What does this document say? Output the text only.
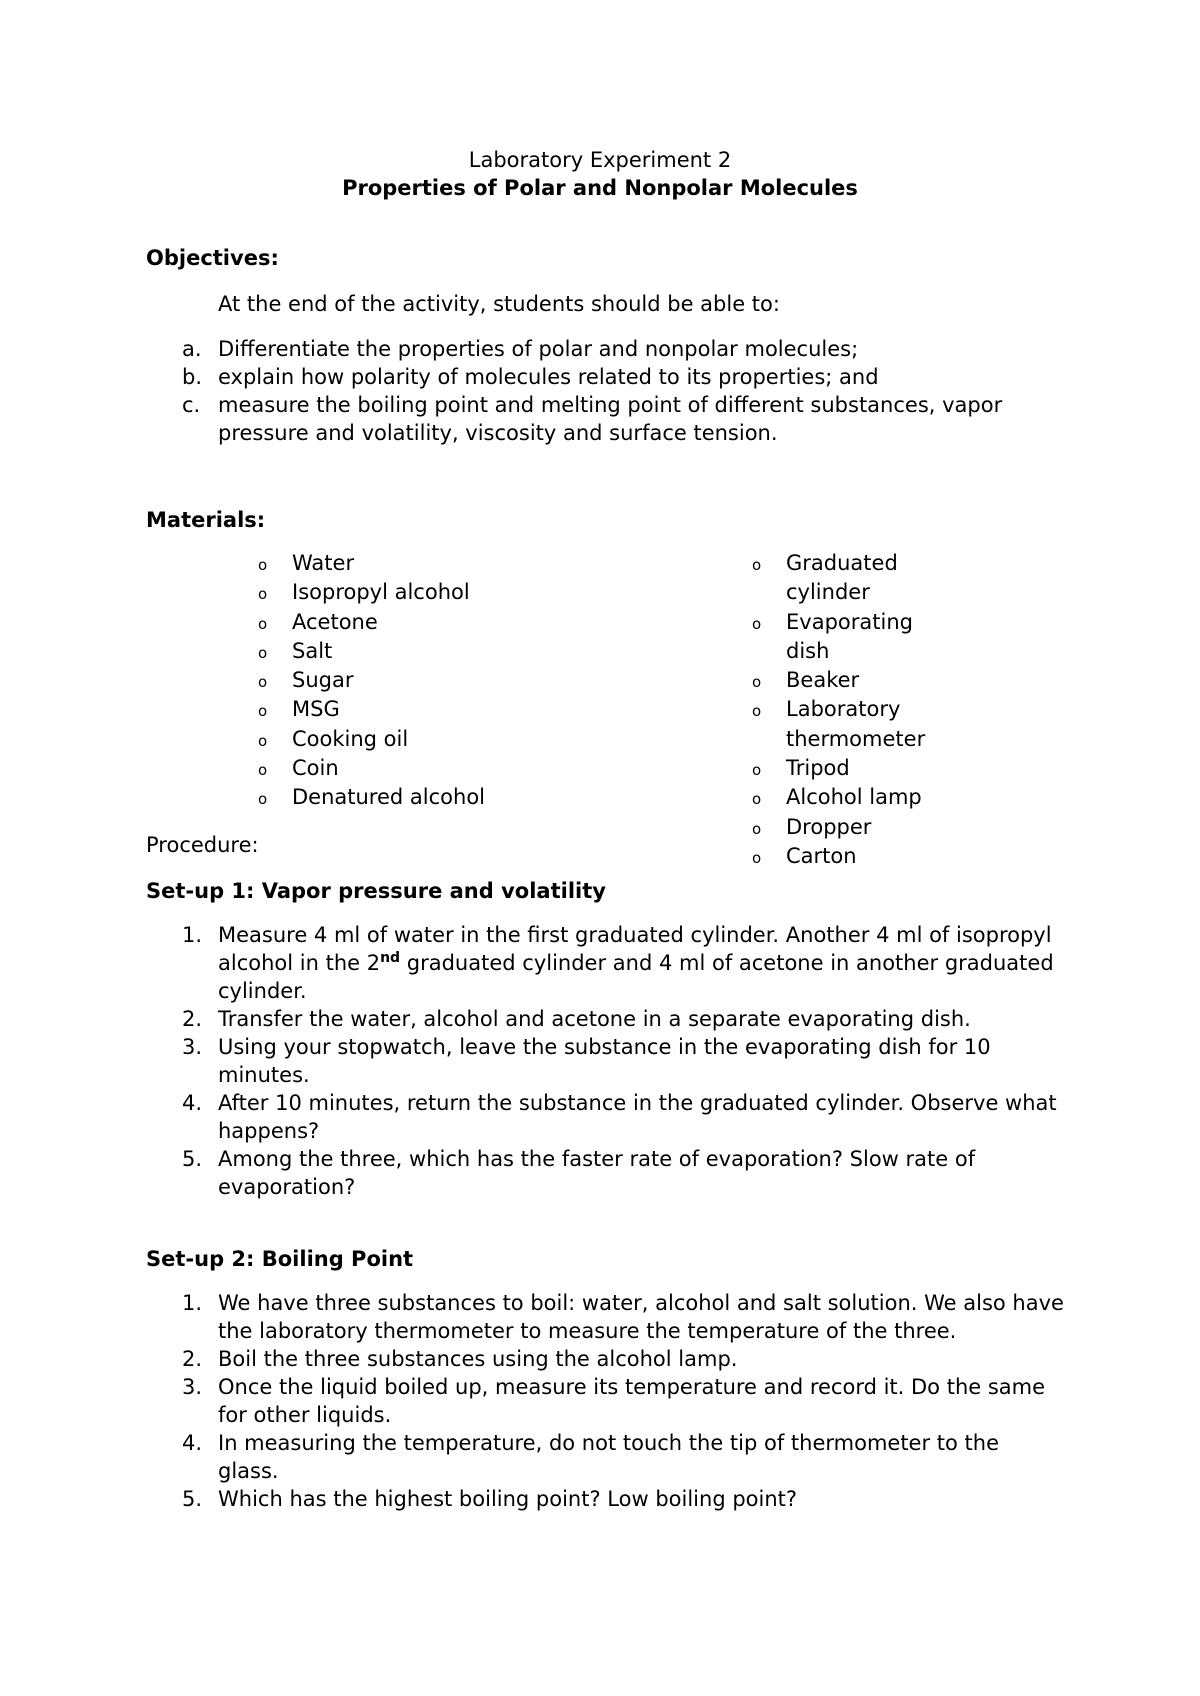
Laboratory Experiment 2
Properties of Polar and Nonpolar Molecules
Objectives:
At the end of the activity, students should be able to:
a. Differentiate the properties of polar and nonpolar molecules;
b. explain how polarity of molecules related to its properties; and
c. measure the boiling point and melting point of different substances, vapor pressure and volatility, viscosity and surface tension.
Materials:
o Water
o Isopropyl alcohol
o Acetone
o Salt
o Sugar
o MSG
o Cooking oil
o Coin
o Denatured alcohol
o Graduated cylinder
o Evaporating dish
o Beaker
o Laboratory thermometer
o Tripod
o Alcohol lamp
o Dropper
o Carton
Procedure:
Set-up 1: Vapor pressure and volatility
1. Measure 4 ml of water in the first graduated cylinder. Another 4 ml of isopropyl alcohol in the 2nd graduated cylinder and 4 ml of acetone in another graduated cylinder.
2. Transfer the water, alcohol and acetone in a separate evaporating dish.
3. Using your stopwatch, leave the substance in the evaporating dish for 10 minutes.
4. After 10 minutes, return the substance in the graduated cylinder. Observe what happens?
5. Among the three, which has the faster rate of evaporation? Slow rate of evaporation?
Set-up 2: Boiling Point
1. We have three substances to boil: water, alcohol and salt solution. We also have the laboratory thermometer to measure the temperature of the three.
2. Boil the three substances using the alcohol lamp.
3. Once the liquid boiled up, measure its temperature and record it. Do the same for other liquids.
4. In measuring the temperature, do not touch the tip of thermometer to the glass.
5. Which has the highest boiling point? Low boiling point?
